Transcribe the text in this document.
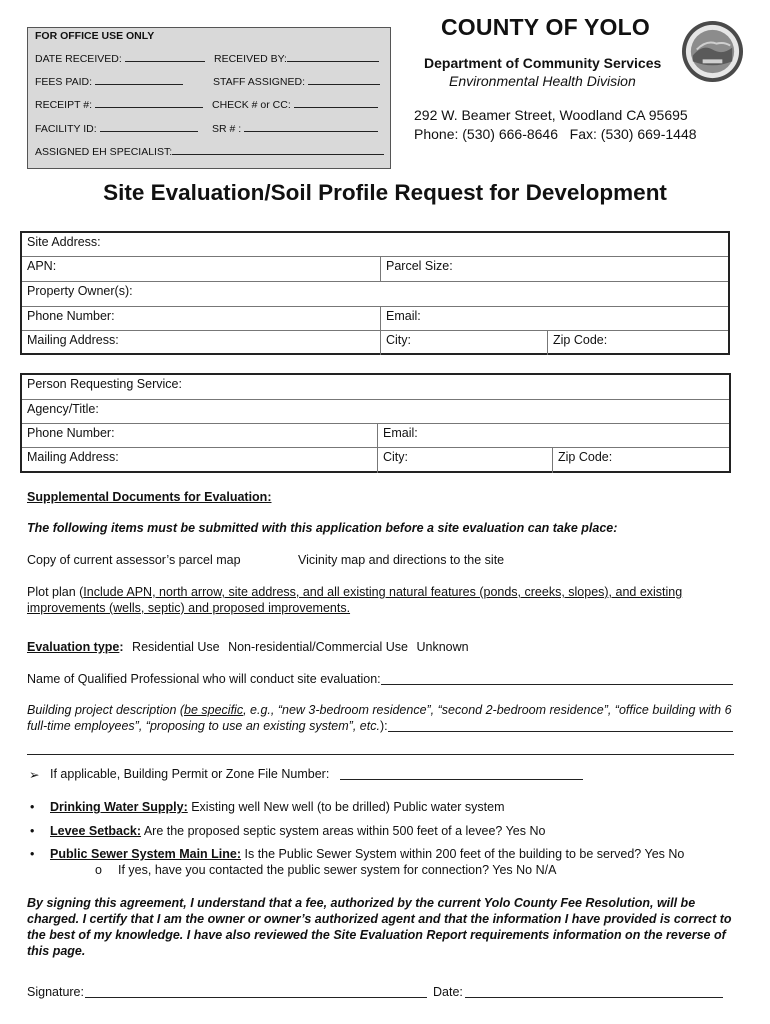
FOR OFFICE USE ONLY
DATE RECEIVED:	RECEIVED BY:
FEES PAID:	STAFF ASSIGNED:
RECEIPT #:	CHECK # or CC:
FACILITY ID:	SR # :
ASSIGNED EH SPECIALIST:
COUNTY OF YOLO
Department of Community Services
Environmental Health Division
292 W. Beamer Street, Woodland CA 95695
Phone: (530) 666-8646   Fax: (530) 669-1448
Site Evaluation/Soil Profile Request for Development
Site Address:
APN:	Parcel Size:
Property Owner(s):
Phone Number:	Email:
Mailing Address:	City:	Zip Code:
Person Requesting Service:
Agency/Title:
Phone Number:	Email:
Mailing Address:	City:	Zip Code:
Supplemental Documents for Evaluation:
The following items must be submitted with this application before a site evaluation can take place:
Copy of current assessor’s parcel map	Vicinity map and directions to the site
Plot plan (Include APN, north arrow, site address, and all existing natural features (ponds, creeks, slopes), and existing
improvements (wells, septic) and proposed improvements.
Evaluation type: Residential Use Non-residential/Commercial Use Unknown
Name of Qualified Professional who will conduct site evaluation:
Building project description (be specific, e.g., “new 3-bedroom residence”, “second 2-bedroom residence”, “office building with 6
full-time employees”, “proposing to use an existing system”, etc.):
➢ If applicable, Building Permit or Zone File Number:
• Drinking Water Supply: Existing well New well (to be drilled) Public water system
• Levee Setback: Are the proposed septic system areas within 500 feet of a levee? Yes No
• Public Sewer System Main Line: Is the Public Sewer System within 200 feet of the building to be served? Yes No
o If yes, have you contacted the public sewer system for connection? Yes No N/A
By signing this agreement, I understand that a fee, authorized by the current Yolo County Fee Resolution, will be
charged. I certify that I am the owner or owner’s authorized agent and that the information I have provided is correct to
the best of my knowledge. I have also reviewed the Site Evaluation Report requirements information on the reverse of
this page.
Signature:	Date:
